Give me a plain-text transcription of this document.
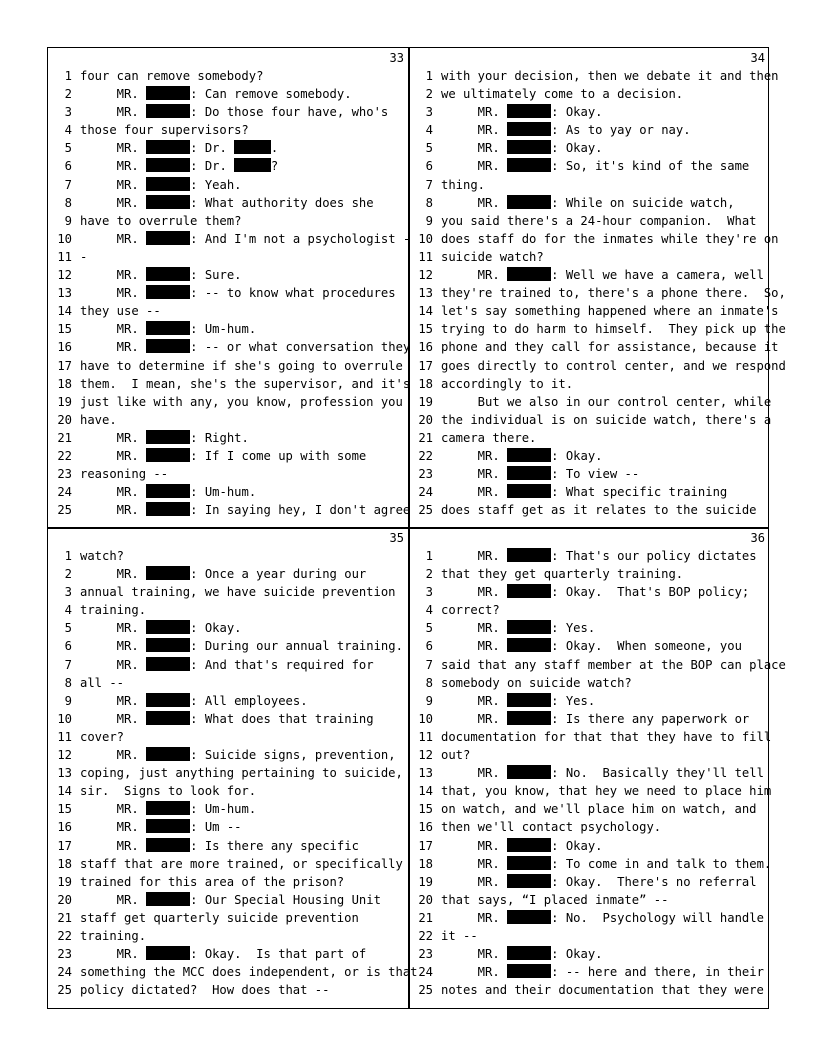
33
1 four can remove somebody?
2 MR.	: Can remove somebody.
3 MR.	: Do those four have, who's
4 those four supervisors?
5 MR.	: Dr.	.
6 MR.	: Dr.	?
7 MR.	: Yeah.
8 MR.	: What authority does she
9 have to overrule them?
10 MR.	: And I'm not a psychologist -
11 -
12 MR.	: Sure.
13 MR.	: -- to know what procedures
14 they use --
15 MR.	: Um-hum.
16 MR.	: -- or what conversation they
17 have to determine if she's going to overrule
18 them.  I mean, she's the supervisor, and it's
19 just like with any, you know, profession you
20 have.
21 MR.	: Right.
22 MR.	: If I come up with some
23 reasoning --
24 MR.	: Um-hum.
25 MR.	: In saying hey, I don't agree
34
1 with your decision, then we debate it and then
2 we ultimately come to a decision.
3 MR.	: Okay.
4 MR.	: As to yay or nay.
5 MR.	: Okay.
6 MR.	: So, it's kind of the same
7 thing.
8 MR.	: While on suicide watch,
9 you said there's a 24-hour companion.  What
10 does staff do for the inmates while they're on
11 suicide watch?
12 MR.	: Well we have a camera, well
13 they're trained to, there's a phone there.  So,
14 let's say something happened where an inmate's
15 trying to do harm to himself.  They pick up the
16 phone and they call for assistance, because it
17 goes directly to control center, and we respond
18 accordingly to it.
19 But we also in our control center, while
20 the individual is on suicide watch, there's a
21 camera there.
22 MR.	: Okay.
23 MR.	: To view --
24 MR.	: What specific training
25 does staff get as it relates to the suicide
35
1 watch?
2 MR.	: Once a year during our
3 annual training, we have suicide prevention
4 training.
5 MR.	: Okay.
6 MR.	: During our annual training.
7 MR.	: And that's required for
8 all --
9 MR.	: All employees.
10 MR.	: What does that training
11 cover?
12 MR.	: Suicide signs, prevention,
13 coping, just anything pertaining to suicide,
14 sir.  Signs to look for.
15 MR.	: Um-hum.
16 MR.	: Um --
17 MR.	: Is there any specific
18 staff that are more trained, or specifically
19 trained for this area of the prison?
20 MR.	: Our Special Housing Unit
21 staff get quarterly suicide prevention
22 training.
23 MR.	: Okay.  Is that part of
24 something the MCC does independent, or is that
25 policy dictated?  How does that --
36
1 MR.	: That's our policy dictates
2 that they get quarterly training.
3 MR.	: Okay.  That's BOP policy;
4 correct?
5 MR.	: Yes.
6 MR.	: Okay.  When someone, you
7 said that any staff member at the BOP can place
8 somebody on suicide watch?
9 MR.	: Yes.
10 MR.	: Is there any paperwork or
11 documentation for that that they have to fill
12 out?
13 MR.	: No.  Basically they'll tell
14 that, you know, that hey we need to place him
15 on watch, and we'll place him on watch, and
16 then we'll contact psychology.
17 MR.	: Okay.
18 MR.	: To come in and talk to them.
19 MR.	: Okay.  There's no referral
20 that says, “I placed inmate” --
21 MR.	: No.  Psychology will handle
22 it --
23 MR.	: Okay.
24 MR.	: -- here and there, in their
25 notes and their documentation that they were
